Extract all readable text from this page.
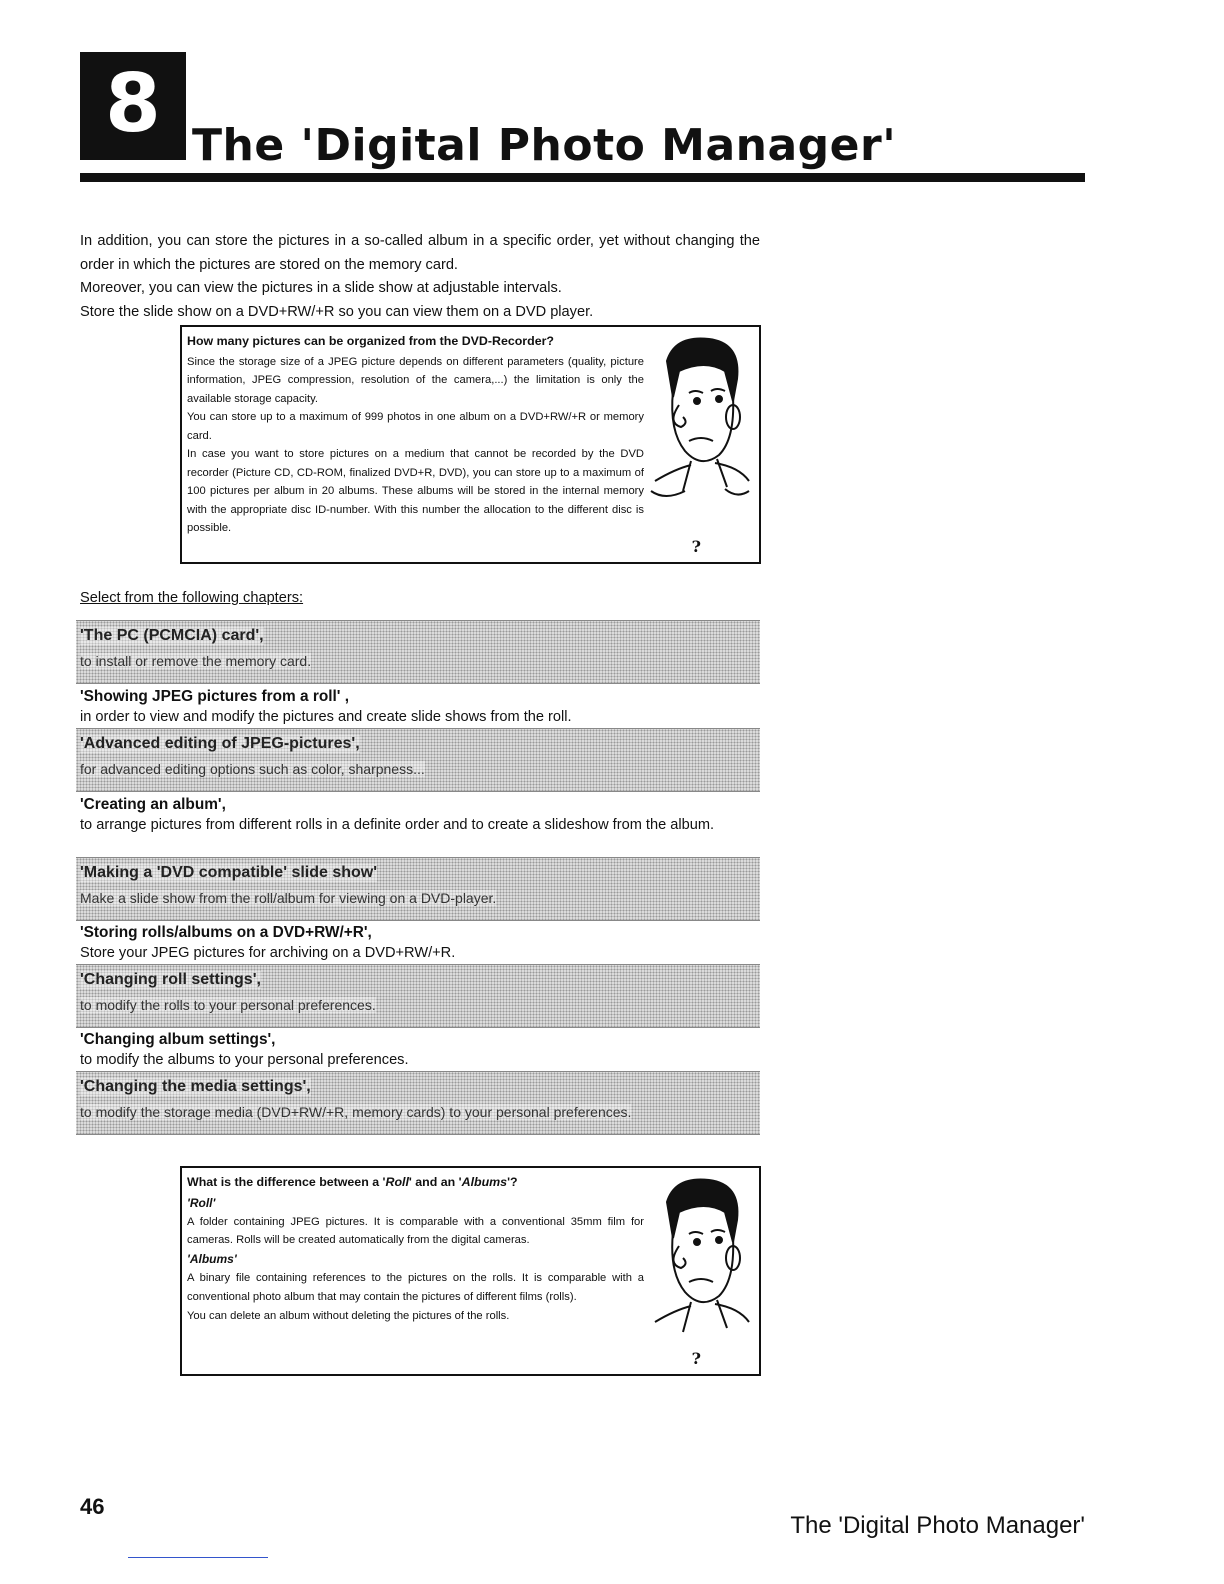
8 The 'Digital Photo Manager'

In addition, you can store the pictures in a so-called album in a specific order, yet without changing the order in which the pictures are stored on the memory card.

Moreover, you can view the pictures in a slide show at adjustable intervals.

Store the slide show on a DVD+RW/+R so you can view them on a DVD player.

How many pictures can be organized from the DVD-Recorder?

Since the storage size of a JPEG picture depends on different parameters (quality, picture information, JPEG compression, resolution of the camera,...) the limitation is only the available storage capacity.

You can store up to a maximum of 999 photos in one album on a DVD+RW/+R or memory card.

In case you want to store pictures on a medium that cannot be recorded by the DVD recorder (Picture CD, CD-ROM, finalized DVD+R, DVD), you can store up to a maximum of 100 pictures per album in 20 albums. These albums will be stored in the internal memory with the appropriate disc ID-number. With this number the allocation to the different disc is possible.

?
Select from the following chapters:
'The PC (PCMCIA) card',
to install or remove the memory card.
'Showing JPEG pictures from a roll' ,
in order to view and modify the pictures and create slide shows from the roll.
'Advanced editing of JPEG-pictures',
for advanced editing options such as color, sharpness...
'Creating an album',
to arrange pictures from different rolls in a definite order and to create a slideshow from the album.
'Making a 'DVD compatible' slide show'
Make a slide show from the roll/album for viewing on a DVD-player.
'Storing rolls/albums on a DVD+RW/+R',
Store your JPEG pictures for archiving on a DVD+RW/+R.
'Changing roll settings',
to modify the rolls to your personal preferences.
'Changing album settings',
to modify the albums to your personal preferences.
'Changing the media settings',
to modify the storage media (DVD+RW/+R, memory cards) to your personal preferences.

What is the difference between a 'Roll' and an 'Albums'?

'Roll'

A folder containing JPEG pictures. It is comparable with a conventional 35mm film for cameras. Rolls will be created automatically from the digital cameras.

'Albums'

A binary file containing references to the pictures on the rolls. It is comparable with a conventional photo album that may contain the pictures of different films (rolls).

You can delete an album without deleting the pictures of the rolls.

?
46
The 'Digital Photo Manager'
